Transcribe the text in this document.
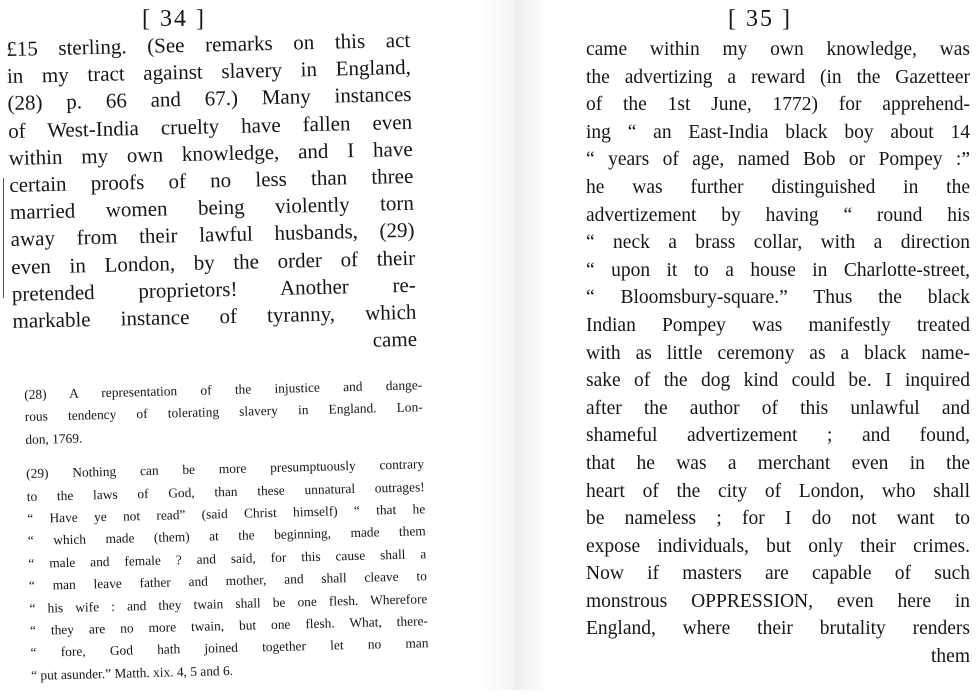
[ 34 ]
£15 sterling. (See remarks on this act
in my tract against slavery in England,
(28) p. 66 and 67.) Many instances
of West-India cruelty have fallen even
within my own knowledge, and I have
certain proofs of no less than three
married women being violently torn
away from their lawful husbands, (29)
even in London, by the order of their
pretended proprietors! Another re-
markable instance of tyranny, which
came
(28) A representation of the injustice and dange-
rous tendency of tolerating slavery in England. Lon-
don, 1769.
(29) Nothing can be more presumptuously contrary
to the laws of God, than these unnatural outrages!
“ Have ye not read” (said Christ himself) “ that he
“ which made (them) at the beginning, made them
“ male and female ? and said, for this cause shall a
“ man leave father and mother, and shall cleave to
“ his wife : and they twain shall be one flesh. Wherefore
“ they are no more twain, but one flesh. What, there-
“ fore, God hath joined together let no man
“ put asunder.” Matth. xix. 4, 5 and 6.
[ 35 ]
came within my own knowledge, was
the advertizing a reward (in the Gazetteer
of the 1st June, 1772) for apprehend-
ing “ an East-India black boy about 14
“ years of age, named Bob or Pompey :”
he was further distinguished in the
advertizement by having “ round his
“ neck a brass collar, with a direction
“ upon it to a house in Charlotte-street,
“ Bloomsbury-square.” Thus the black
Indian Pompey was manifestly treated
with as little ceremony as a black name-
sake of the dog kind could be. I inquired
after the author of this unlawful and
shameful advertizement ; and found,
that he was a merchant even in the
heart of the city of London, who shall
be nameless ; for I do not want to
expose individuals, but only their crimes.
Now if masters are capable of such
monstrous OPPRESSION, even here in
England, where their brutality renders
them
